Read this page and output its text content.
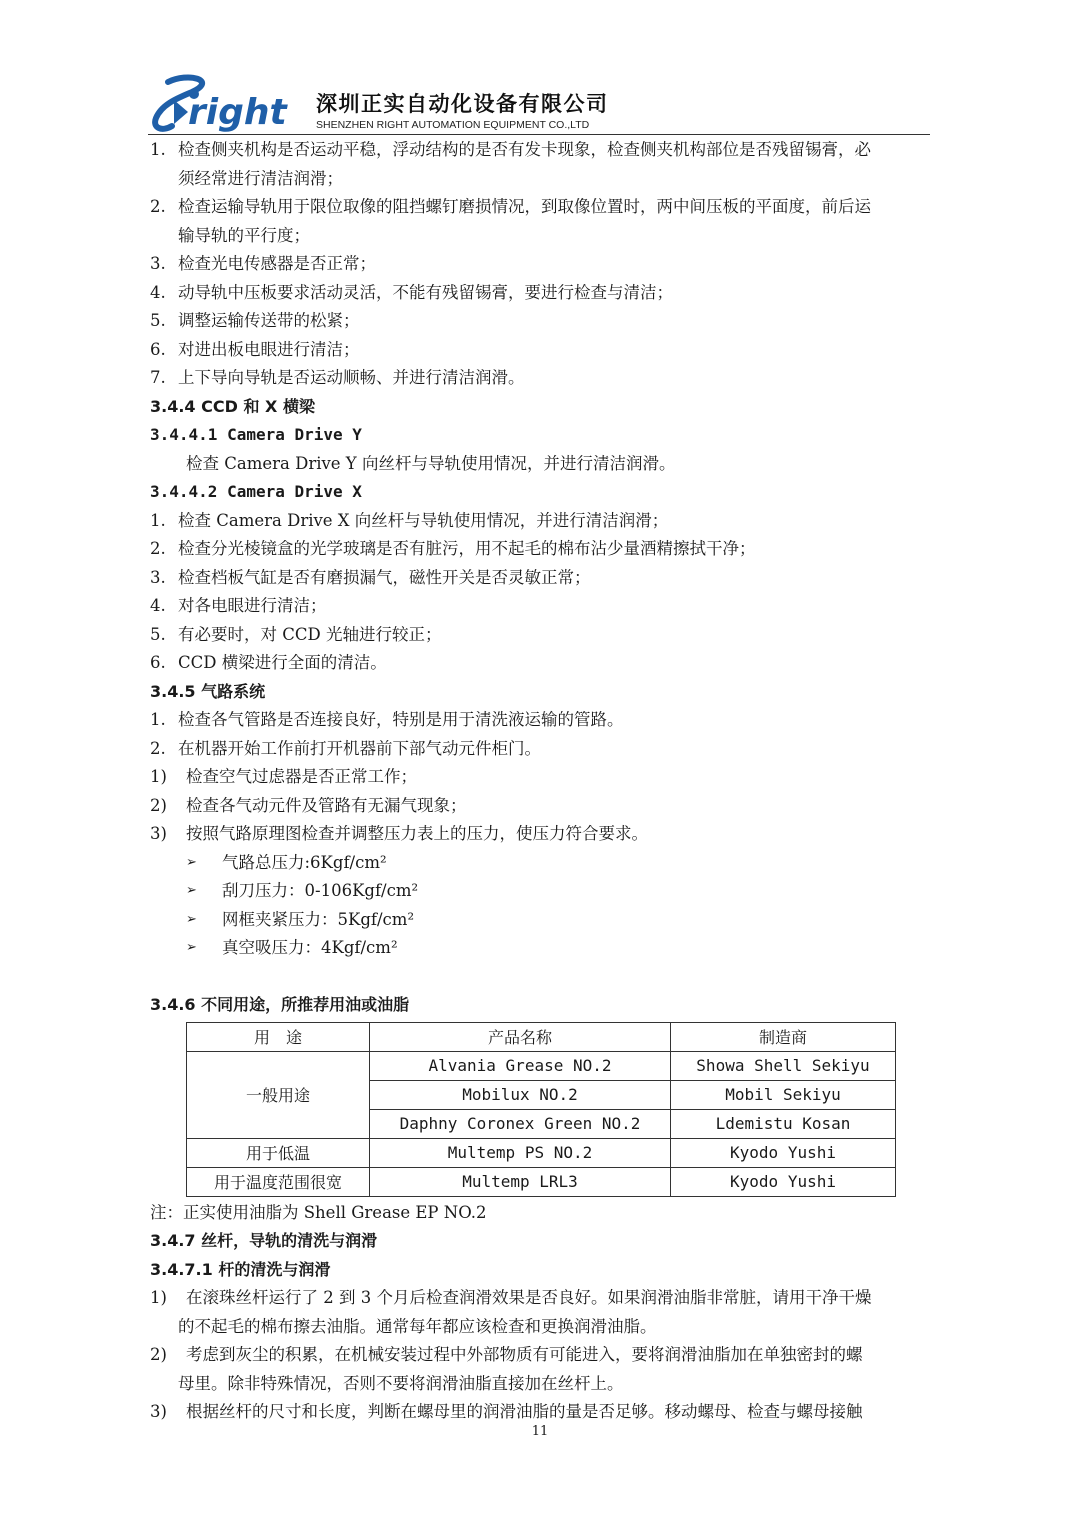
right 深圳正实自动化设备有限公司
SHENZHEN RIGHT AUTOMATION EQUIPMENT CO.,LTD
1. 检查侧夹机构是否运动平稳，浮动结构的是否有发卡现象，检查侧夹机构部位是否残留锡膏，必
须经常进行清洁润滑；
2. 检查运输导轨用于限位取像的阻挡螺钉磨损情况，到取像位置时，两中间压板的平面度，前后运
输导轨的平行度；
3. 检查光电传感器是否正常；
4. 动导轨中压板要求活动灵活，不能有残留锡膏，要进行检查与清洁；
5. 调整运输传送带的松紧；
6. 对进出板电眼进行清洁；
7. 上下导向导轨是否运动顺畅、并进行清洁润滑。
3.4.4 CCD 和 X 横梁
3.4.4.1 Camera Drive Y
检查 Camera Drive Y 向丝杆与导轨使用情况，并进行清洁润滑。
3.4.4.2 Camera Drive X
1. 检查 Camera Drive X 向丝杆与导轨使用情况，并进行清洁润滑；
2. 检查分光棱镜盒的光学玻璃是否有脏污，用不起毛的棉布沾少量酒精擦拭干净；
3. 检查档板气缸是否有磨损漏气，磁性开关是否灵敏正常；
4. 对各电眼进行清洁；
5. 有必要时，对 CCD 光轴进行较正；
6. CCD 横梁进行全面的清洁。
3.4.5 气路系统
1. 检查各气管路是否连接良好，特别是用于清洗液运输的管路。
2. 在机器开始工作前打开机器前下部气动元件柜门。
1) 检查空气过虑器是否正常工作；
2) 检查各气动元件及管路有无漏气现象；
3) 按照气路原理图检查并调整压力表上的压力，使压力符合要求。
➢ 气路总压力:6Kgf/cm²
➢ 刮刀压力：0-106Kgf/cm²
➢ 网框夹紧压力：5Kgf/cm²
➢ 真空吸压力：4Kgf/cm²
3.4.6 不同用途，所推荐用油或油脂
用　途	产品名称	制造商
一般用途	Alvania Grease NO.2	Showa Shell Sekiyu
	Mobilux NO.2	Mobil Sekiyu
	Daphny Coronex Green NO.2	Ldemistu Kosan
用于低温	Multemp PS NO.2	Kyodo Yushi
用于温度范围很宽	Multemp LRL3	Kyodo Yushi
注：正实使用油脂为 Shell Grease EP NO.2
3.4.7 丝杆，导轨的清洗与润滑
3.4.7.1 杆的清洗与润滑
1) 在滚珠丝杆运行了 2 到 3 个月后检查润滑效果是否良好。如果润滑油脂非常脏，请用干净干燥
的不起毛的棉布擦去油脂。通常每年都应该检查和更换润滑油脂。
2) 考虑到灰尘的积累，在机械安装过程中外部物质有可能进入，要将润滑油脂加在单独密封的螺
母里。除非特殊情况，否则不要将润滑油脂直接加在丝杆上。
3) 根据丝杆的尺寸和长度，判断在螺母里的润滑油脂的量是否足够。移动螺母、检查与螺母接触
11
